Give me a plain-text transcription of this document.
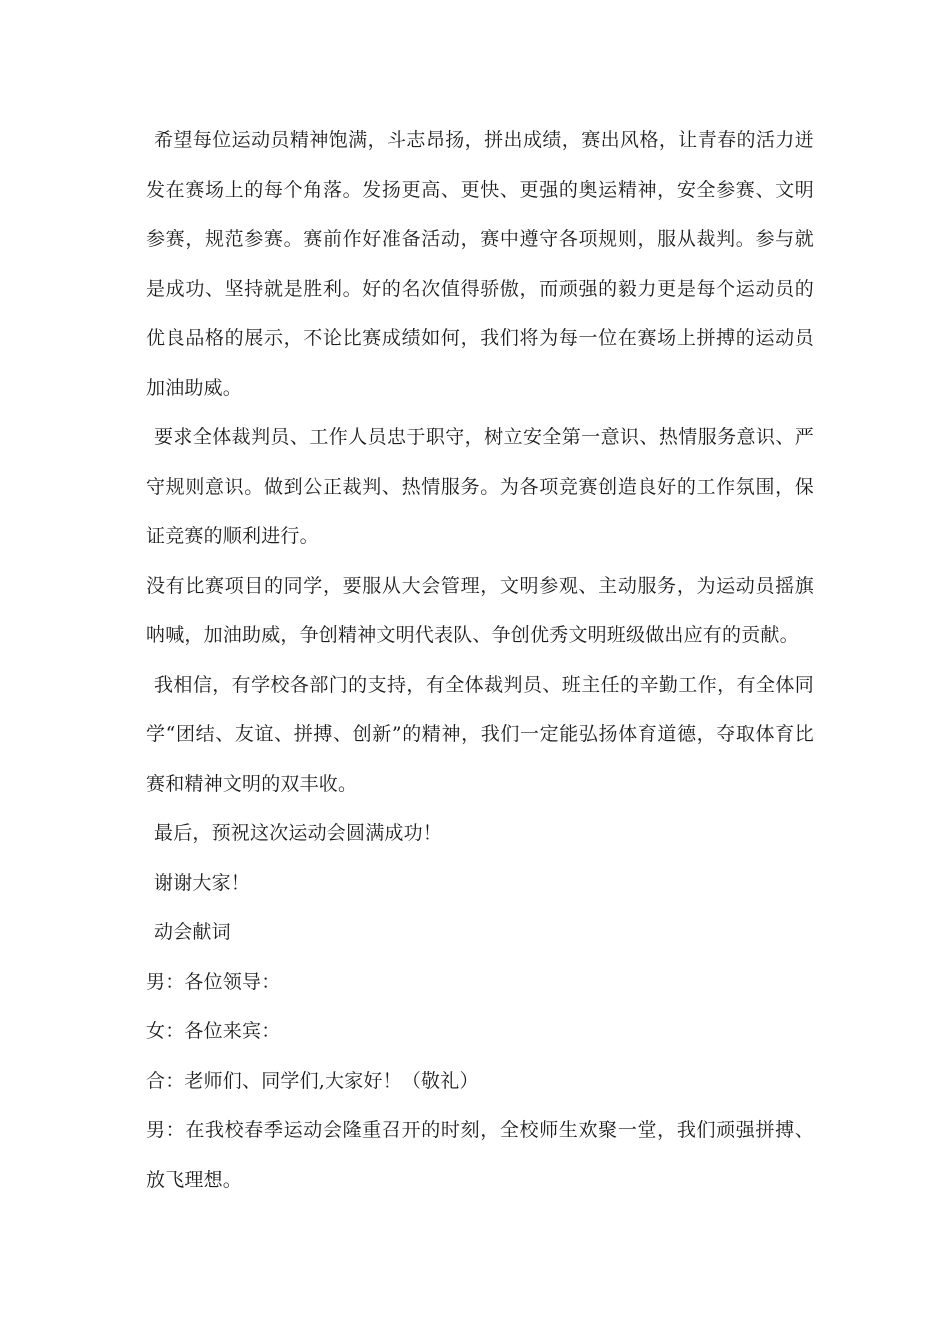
希望每位运动员精神饱满，斗志昂扬，拼出成绩，赛出风格，让青春的活力迸发在赛场上的每个角落。发扬更高、更快、更强的奥运精神，安全参赛、文明参赛，规范参赛。赛前作好准备活动，赛中遵守各项规则，服从裁判。参与就是成功、坚持就是胜利。好的名次值得骄傲，而顽强的毅力更是每个运动员的优良品格的展示，不论比赛成绩如何，我们将为每一位在赛场上拼搏的运动员加油助威。

要求全体裁判员、工作人员忠于职守，树立安全第一意识、热情服务意识、严守规则意识。做到公正裁判、热情服务。为各项竞赛创造良好的工作氛围，保证竞赛的顺利进行。

没有比赛项目的同学，要服从大会管理，文明参观、主动服务，为运动员摇旗呐喊，加油助威，争创精神文明代表队、争创优秀文明班级做出应有的贡献。

我相信，有学校各部门的支持，有全体裁判员、班主任的辛勤工作，有全体同学“团结、友谊、拼搏、创新”的精神，我们一定能弘扬体育道德，夺取体育比赛和精神文明的双丰收。

最后，预祝这次运动会圆满成功！

谢谢大家！

动会献词

男：各位领导：

女：各位来宾：

合：老师们、同学们,大家好！（敬礼）

男：在我校春季运动会隆重召开的时刻，全校师生欢聚一堂，我们顽强拼搏、放飞理想。
